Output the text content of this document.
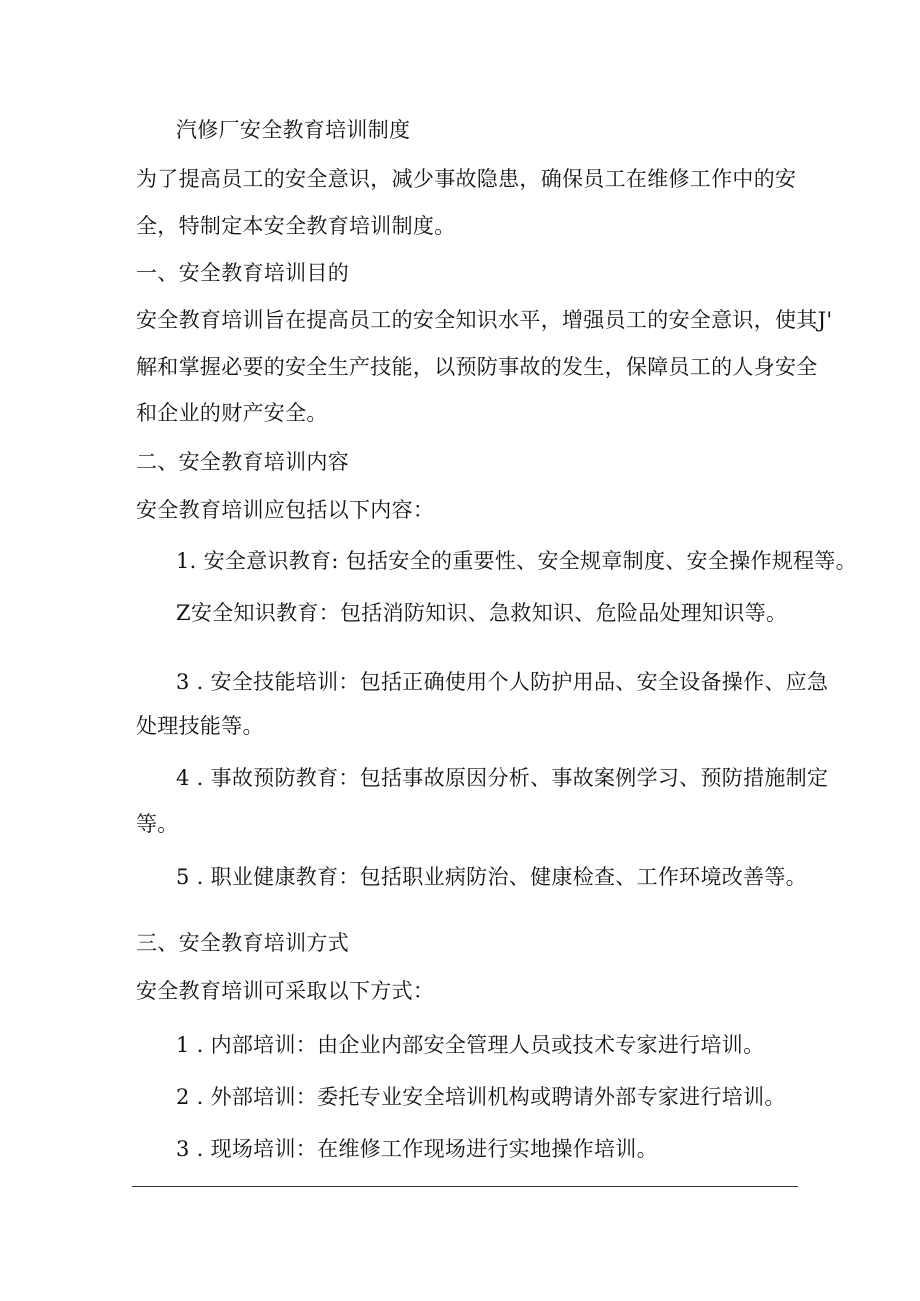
汽修厂安全教育培训制度
为了提高员工的安全意识，减少事故隐患，确保员工在维修工作中的安
全，特制定本安全教育培训制度。
一、安全教育培训目的
安全教育培训旨在提高员工的安全知识水平，增强员工的安全意识，使其J'
解和掌握必要的安全生产技能，以预防事故的发生，保障员工的人身安全
和企业的财产安全。
二、安全教育培训内容
安全教育培训应包括以下内容：
1. 安全意识教育: 包括安全的重要性、安全规章制度、安全操作规程等。
Z安全知识教育：包括消防知识、急救知识、危险品处理知识等。
3 . 安全技能培训：包括正确使用个人防护用品、安全设备操作、应急
处理技能等。
4 . 事故预防教育：包括事故原因分析、事故案例学习、预防措施制定
等。
5 . 职业健康教育：包括职业病防治、健康检查、工作环境改善等。
三、安全教育培训方式
安全教育培训可采取以下方式：
1 . 内部培训：由企业内部安全管理人员或技术专家进行培训。
2 . 外部培训：委托专业安全培训机构或聘请外部专家进行培训。
3 . 现场培训：在维修工作现场进行实地操作培训。
